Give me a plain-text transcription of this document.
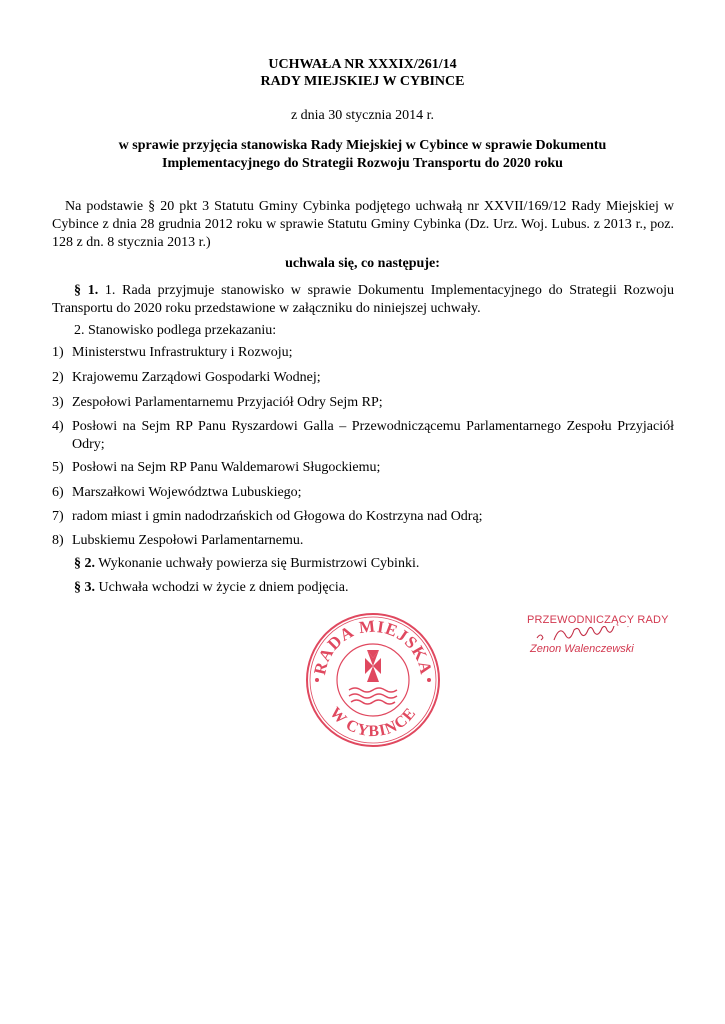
UCHWAŁA NR XXXIX/261/14
RADY MIEJSKIEJ W CYBINCE
z dnia 30 stycznia 2014 r.
w sprawie przyjęcia stanowiska Rady Miejskiej w Cybince w sprawie Dokumentu
Implementacyjnego do Strategii Rozwoju Transportu do 2020 roku
Na podstawie § 20 pkt 3 Statutu Gminy Cybinka podjętego uchwałą nr XXVII/169/12 Rady Miejskiej w Cybince z dnia 28 grudnia 2012 roku w sprawie Statutu Gminy Cybinka (Dz. Urz. Woj. Lubus. z 2013 r., poz. 128 z dn. 8 stycznia 2013 r.)
uchwala się, co następuje:
§ 1. 1. Rada przyjmuje stanowisko w sprawie Dokumentu Implementacyjnego do Strategii Rozwoju Transportu do 2020 roku przedstawione w załączniku do niniejszej uchwały.
2. Stanowisko podlega przekazaniu:
1) Ministerstwu Infrastruktury i Rozwoju;
2) Krajowemu Zarządowi Gospodarki Wodnej;
3) Zespołowi Parlamentarnemu Przyjaciół Odry Sejm RP;
4) Posłowi na Sejm RP Panu Ryszardowi Galla – Przewodniczącemu Parlamentarnego Zespołu Przyjaciół Odry;
5) Posłowi na Sejm RP Panu Waldemarowi Sługockiemu;
6) Marszałkowi Województwa Lubuskiego;
7) radom miast i gmin nadodrzańskich od Głogowa do Kostrzyna nad Odrą;
8) Lubskiemu Zespołowi Parlamentarnemu.
§ 2. Wykonanie uchwały powierza się Burmistrzowi Cybinki.
§ 3. Uchwała wchodzi w życie z dniem podjęcia.
RADA MIEJSKA
W CYBINCE
PRZEWODNICZĄCY RADY
Zenon Walenczewski
